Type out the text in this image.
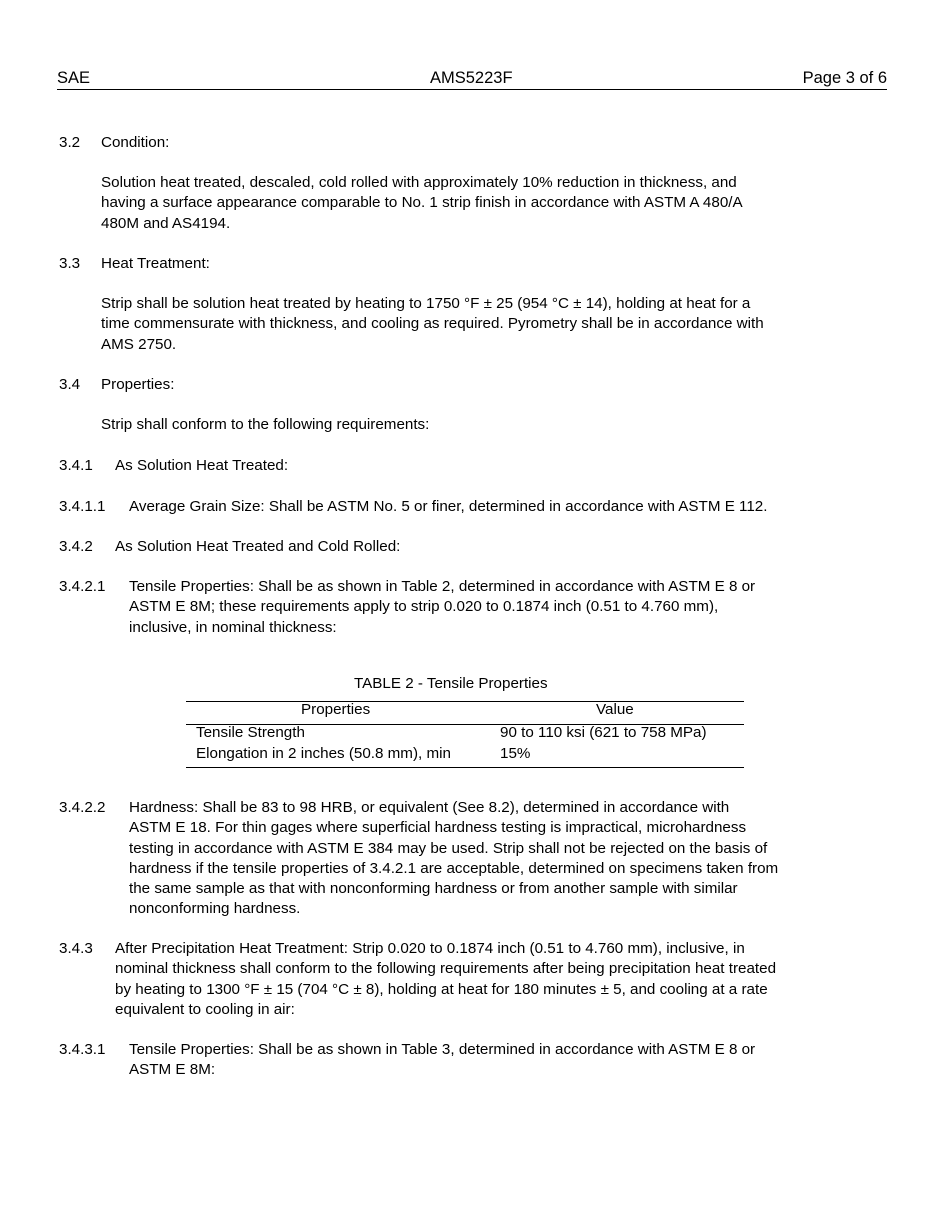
SAE	AMS5223F	Page 3 of 6
3.2 Condition:
Solution heat treated, descaled, cold rolled with approximately 10% reduction in thickness, and
having a surface appearance comparable to No. 1 strip finish in accordance with ASTM A 480/A
480M and AS4194.
3.3 Heat Treatment:
Strip shall be solution heat treated by heating to 1750 °F ± 25 (954 °C ± 14), holding at heat for a
time commensurate with thickness, and cooling as required. Pyrometry shall be in accordance with
AMS 2750.
3.4 Properties:
Strip shall conform to the following requirements:
3.4.1 As Solution Heat Treated:
3.4.1.1 Average Grain Size: Shall be ASTM No. 5 or finer, determined in accordance with ASTM E 112.
3.4.2 As Solution Heat Treated and Cold Rolled:
3.4.2.1 Tensile Properties: Shall be as shown in Table 2, determined in accordance with ASTM E 8 or
ASTM E 8M; these requirements apply to strip 0.020 to 0.1874 inch (0.51 to 4.760 mm),
inclusive, in nominal thickness:
TABLE 2 - Tensile Properties
Properties	Value
Tensile Strength	90 to 110 ksi (621 to 758 MPa)
Elongation in 2 inches (50.8 mm), min	15%
3.4.2.2 Hardness: Shall be 83 to 98 HRB, or equivalent (See 8.2), determined in accordance with
ASTM E 18. For thin gages where superficial hardness testing is impractical, microhardness
testing in accordance with ASTM E 384 may be used. Strip shall not be rejected on the basis of
hardness if the tensile properties of 3.4.2.1 are acceptable, determined on specimens taken from
the same sample as that with nonconforming hardness or from another sample with similar
nonconforming hardness.
3.4.3 After Precipitation Heat Treatment: Strip 0.020 to 0.1874 inch (0.51 to 4.760 mm), inclusive, in
nominal thickness shall conform to the following requirements after being precipitation heat treated
by heating to 1300 °F ± 15 (704 °C ± 8), holding at heat for 180 minutes ± 5, and cooling at a rate
equivalent to cooling in air:
3.4.3.1 Tensile Properties: Shall be as shown in Table 3, determined in accordance with ASTM E 8 or
ASTM E 8M:
